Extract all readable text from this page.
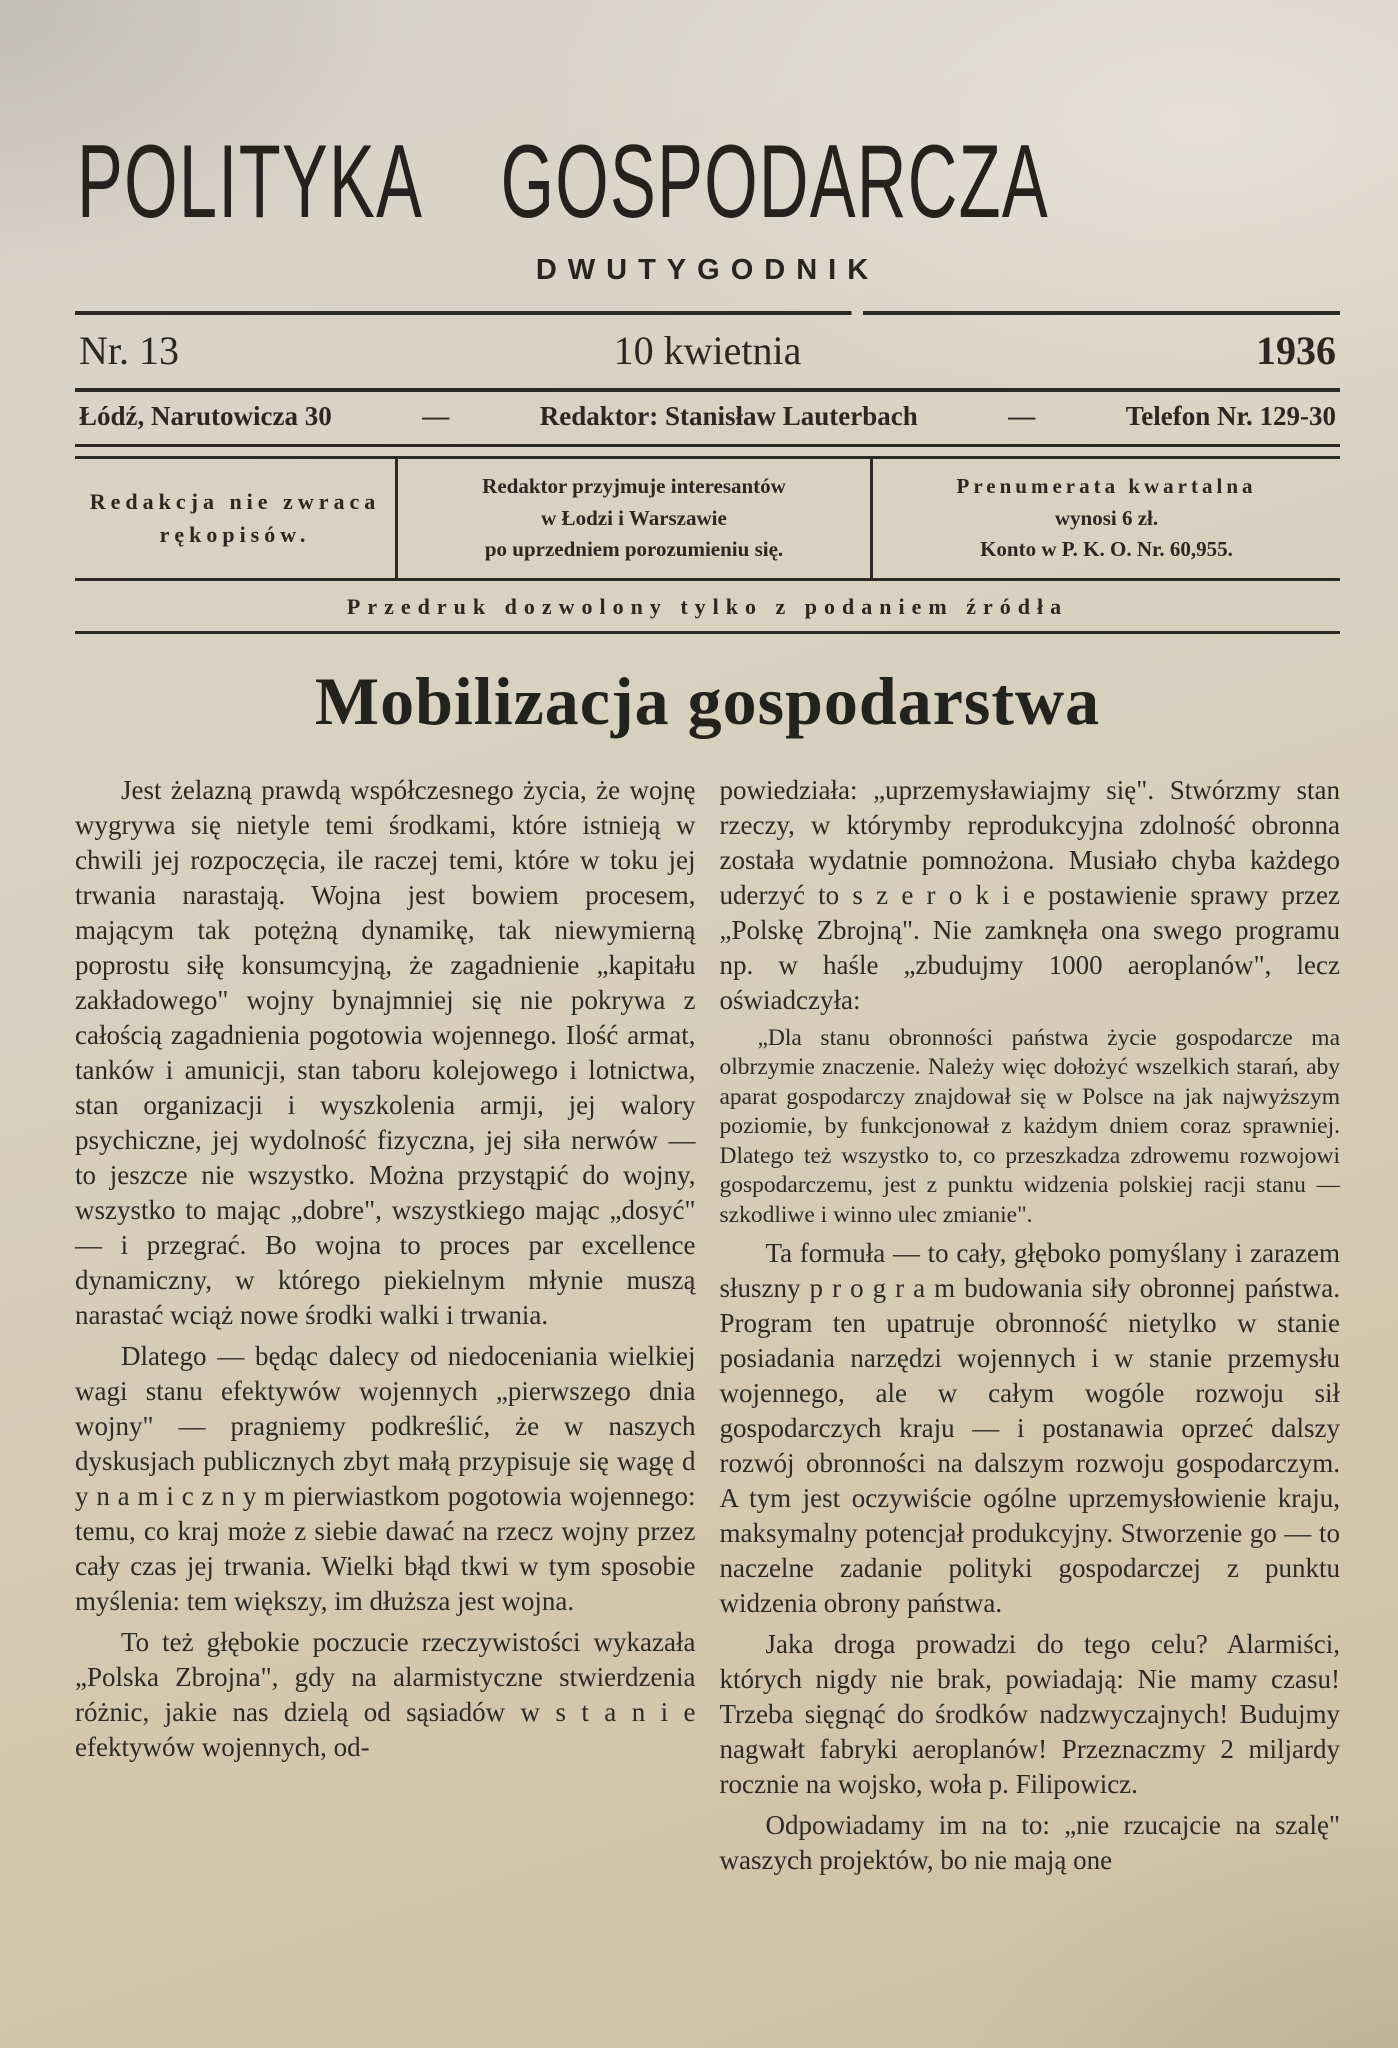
POLITYKA GOSPODARCZA
DWUTYGODNIK
Nr. 13	10 kwietnia	1936
Łódź, Narutowicza 30	—	Redaktor: Stanisław Lauterbach	—	Telefon Nr. 129-30
Redakcja nie zwraca
rękopisów.
Redaktor przyjmuje interesantów
w Łodzi i Warszawie
po uprzedniem porozumieniu się.
Prenumerata kwartalna
wynosi 6 zł.
Konto w P. K. O. Nr. 60,955.
Przedruk dozwolony tylko z podaniem źródła
Mobilizacja gospodarstwa

Jest żelazną prawdą współczesnego życia, że wojnę wygrywa się nietyle temi środkami, które istnieją w chwili jej rozpoczęcia, ile raczej temi, które w toku jej trwania narastają. Wojna jest bowiem procesem, mającym tak potężną dynamikę, tak niewymierną poprostu siłę konsumcyjną, że zagadnienie „kapitału zakładowego" wojny bynajmniej się nie pokrywa z całością zagadnienia pogotowia wojennego. Ilość armat, tanków i amunicji, stan taboru kolejowego i lotnictwa, stan organizacji i wyszkolenia armji, jej walory psychiczne, jej wydolność fizyczna, jej siła nerwów — to jeszcze nie wszystko. Można przystąpić do wojny, wszystko to mając „dobre", wszystkiego mając „dosyć" — i przegrać. Bo wojna to proces par excellence dynamiczny, w którego piekielnym młynie muszą narastać wciąż nowe środki walki i trwania.

Dlatego — będąc dalecy od niedoceniania wielkiej wagi stanu efektywów wojennych „pierwszego dnia wojny" — pragniemy podkreślić, że w naszych dyskusjach publicznych zbyt małą przypisuje się wagę d y n a m i c z n y m pierwiastkom pogotowia wojennego: temu, co kraj może z siebie dawać na rzecz wojny przez cały czas jej trwania. Wielki błąd tkwi w tym sposobie myślenia: tem większy, im dłuższa jest wojna.

To też głębokie poczucie rzeczywistości wykazała „Polska Zbrojna", gdy na alarmistyczne stwierdzenia różnic, jakie nas dzielą od sąsiadów w s t a n i e efektywów wojennych, od-

powiedziała: „uprzemysławiajmy się". Stwórzmy stan rzeczy, w którymby reprodukcyjna zdolność obronna została wydatnie pomnożona. Musiało chyba każdego uderzyć to s z e r o k i e postawienie sprawy przez „Polskę Zbrojną". Nie zamknęła ona swego programu np. w haśle „zbudujmy 1000 aeroplanów", lecz oświadczyła:

„Dla stanu obronności państwa życie gospodarcze ma olbrzymie znaczenie. Należy więc dołożyć wszelkich starań, aby aparat gospodarczy znajdował się w Polsce na jak najwyższym poziomie, by funkcjonował z każdym dniem coraz sprawniej. Dlatego też wszystko to, co przeszkadza zdrowemu rozwojowi gospodarczemu, jest z punktu widzenia polskiej racji stanu — szkodliwe i winno ulec zmianie".

Ta formuła — to cały, głęboko pomyślany i zarazem słuszny p r o g r a m budowania siły obronnej państwa. Program ten upatruje obronność nietylko w stanie posiadania narzędzi wojennych i w stanie przemysłu wojennego, ale w całym wogóle rozwoju sił gospodarczych kraju — i postanawia oprzeć dalszy rozwój obronności na dalszym rozwoju gospodarczym. A tym jest oczywiście ogólne uprzemysłowienie kraju, maksymalny potencjał produkcyjny. Stworzenie go — to naczelne zadanie polityki gospodarczej z punktu widzenia obrony państwa.

Jaka droga prowadzi do tego celu? Alarmiści, których nigdy nie brak, powiadają: Nie mamy czasu! Trzeba sięgnąć do środków nadzwyczajnych! Budujmy nagwałt fabryki aeroplanów! Przeznaczmy 2 miljardy rocznie na wojsko, woła p. Filipowicz.

Odpowiadamy im na to: „nie rzucajcie na szalę" waszych projektów, bo nie mają one
